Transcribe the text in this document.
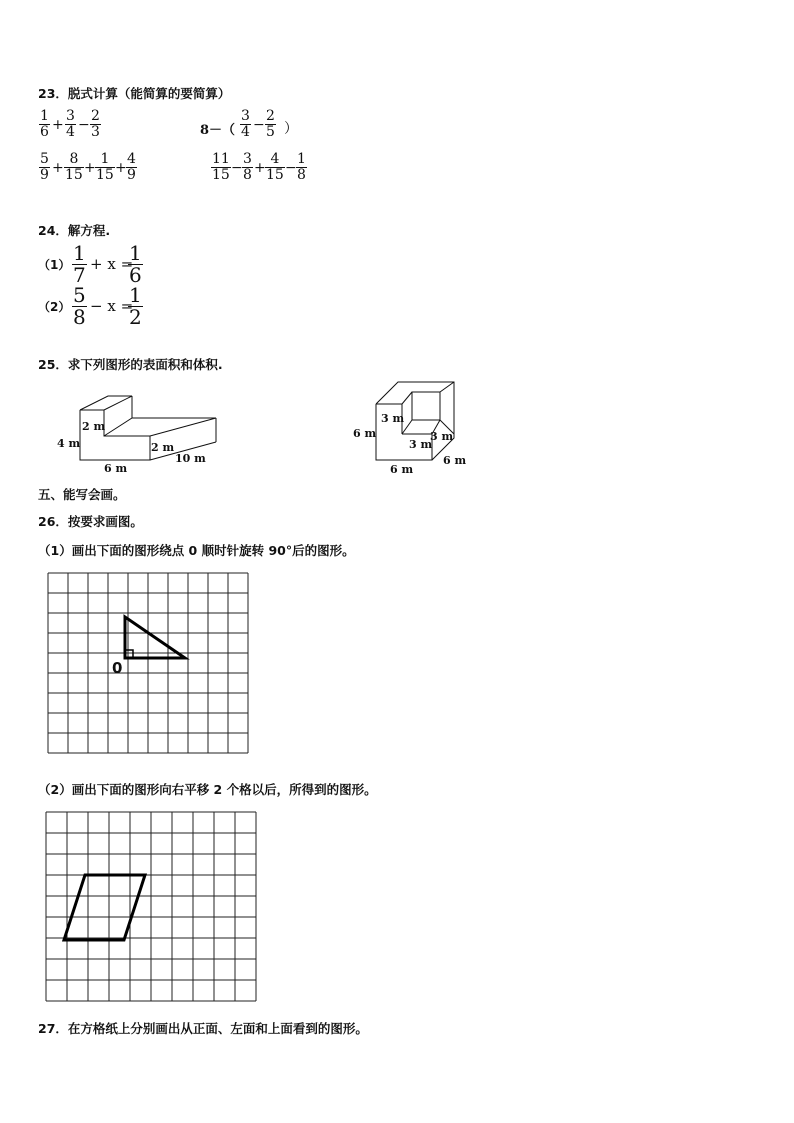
23．脱式计算（能简算的要简算）
1
6 +
3
4 −
2
3	8－（
3
4 −
2
5 ）
5
9 +
8
15 +
1
15 +
4
9
11
15 −
3
8 +
4
15 −
1
8
24．解方程.
（1） 1
7 + x =
1
6
（2） 5
8 − x =
1
2
25．求下列图形的表面积和体积.
2 m
4 m	2 m
10 m
6 m
3 m
6 m	3 m
3 m
6 m
6 m
五、能写会画。
26．按要求画图。
（1）画出下面的图形绕点 0 顺时针旋转 90°后的图形。
0
（2）画出下面的图形向右平移 2 个格以后，所得到的图形。
27．在方格纸上分别画出从正面、左面和上面看到的图形。
